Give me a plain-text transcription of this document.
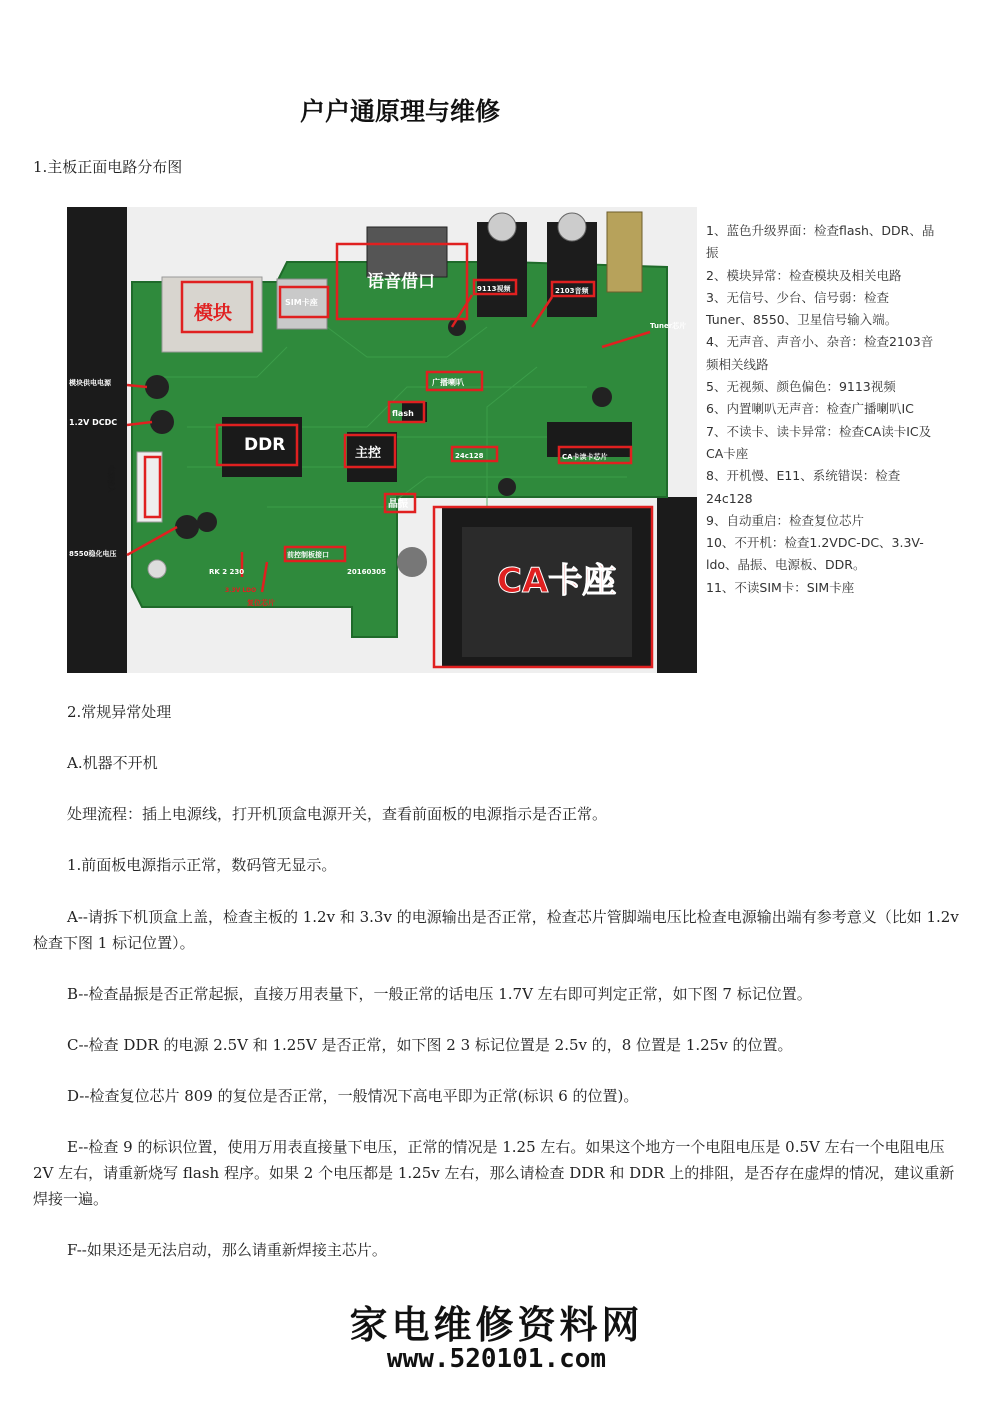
户户通原理与维修
1.主板正面电路分布图
模块	SIM卡座
语音借口	9113视频	2103音频
Tuner芯片
模块供电电源
1.2V DCDC
DDR
广播喇叭
flash
主控	24c128	CA卡读卡芯片
晶振
8550稳化电压	前控制板接口
3.3V LDO
复位芯片
CA卡座
RK 2 230	20160305
电源输入
1、蓝色升级界面：检查flash、DDR、晶
振
2、模块异常：检查模块及相关电路
3、无信号、少台、信号弱：检查
Tuner、8550、卫星信号输入端。
4、无声音、声音小、杂音：检查2103音
频相关线路
5、无视频、颜色偏色：9113视频
6、内置喇叭无声音：检查广播喇叭IC
7、不读卡、读卡异常：检查CA读卡IC及
CA卡座
8、开机慢、E11、系统错误：检查
24c128
9、自动重启：检查复位芯片
10、不开机：检查1.2VDC-DC、3.3V-
ldo、晶振、电源板、DDR。
11、不读SIM卡：SIM卡座
2.常规异常处理
A.机器不开机
处理流程：插上电源线，打开机顶盒电源开关，查看前面板的电源指示是否正常。
1.前面板电源指示正常，数码管无显示。
A--请拆下机顶盒上盖，检查主板的 1.2v 和 3.3v 的电源输出是否正常，检查芯片管脚端电压比检查电源输出端有参考意义（比如 1.2v 检查下图 1 标记位置）。
B--检查晶振是否正常起振，直接万用表量下，一般正常的话电压 1.7V 左右即可判定正常，如下图 7 标记位置。
C--检查 DDR 的电源 2.5V 和 1.25V 是否正常，如下图 2 3 标记位置是 2.5v 的，8 位置是 1.25v 的位置。
D--检查复位芯片 809 的复位是否正常，一般情况下高电平即为正常(标识 6 的位置)。
E--检查 9 的标识位置，使用万用表直接量下电压，正常的情况是 1.25 左右。如果这个地方一个电阻电压是 0.5V 左右一个电阻电压 2V 左右，请重新烧写 flash 程序。如果 2 个电压都是 1.25v 左右，那么请检查 DDR 和 DDR 上的排阻，是否存在虚焊的情况，建议重新焊接一遍。
F--如果还是无法启动，那么请重新焊接主芯片。
家电维修资料网
www.520101.com
